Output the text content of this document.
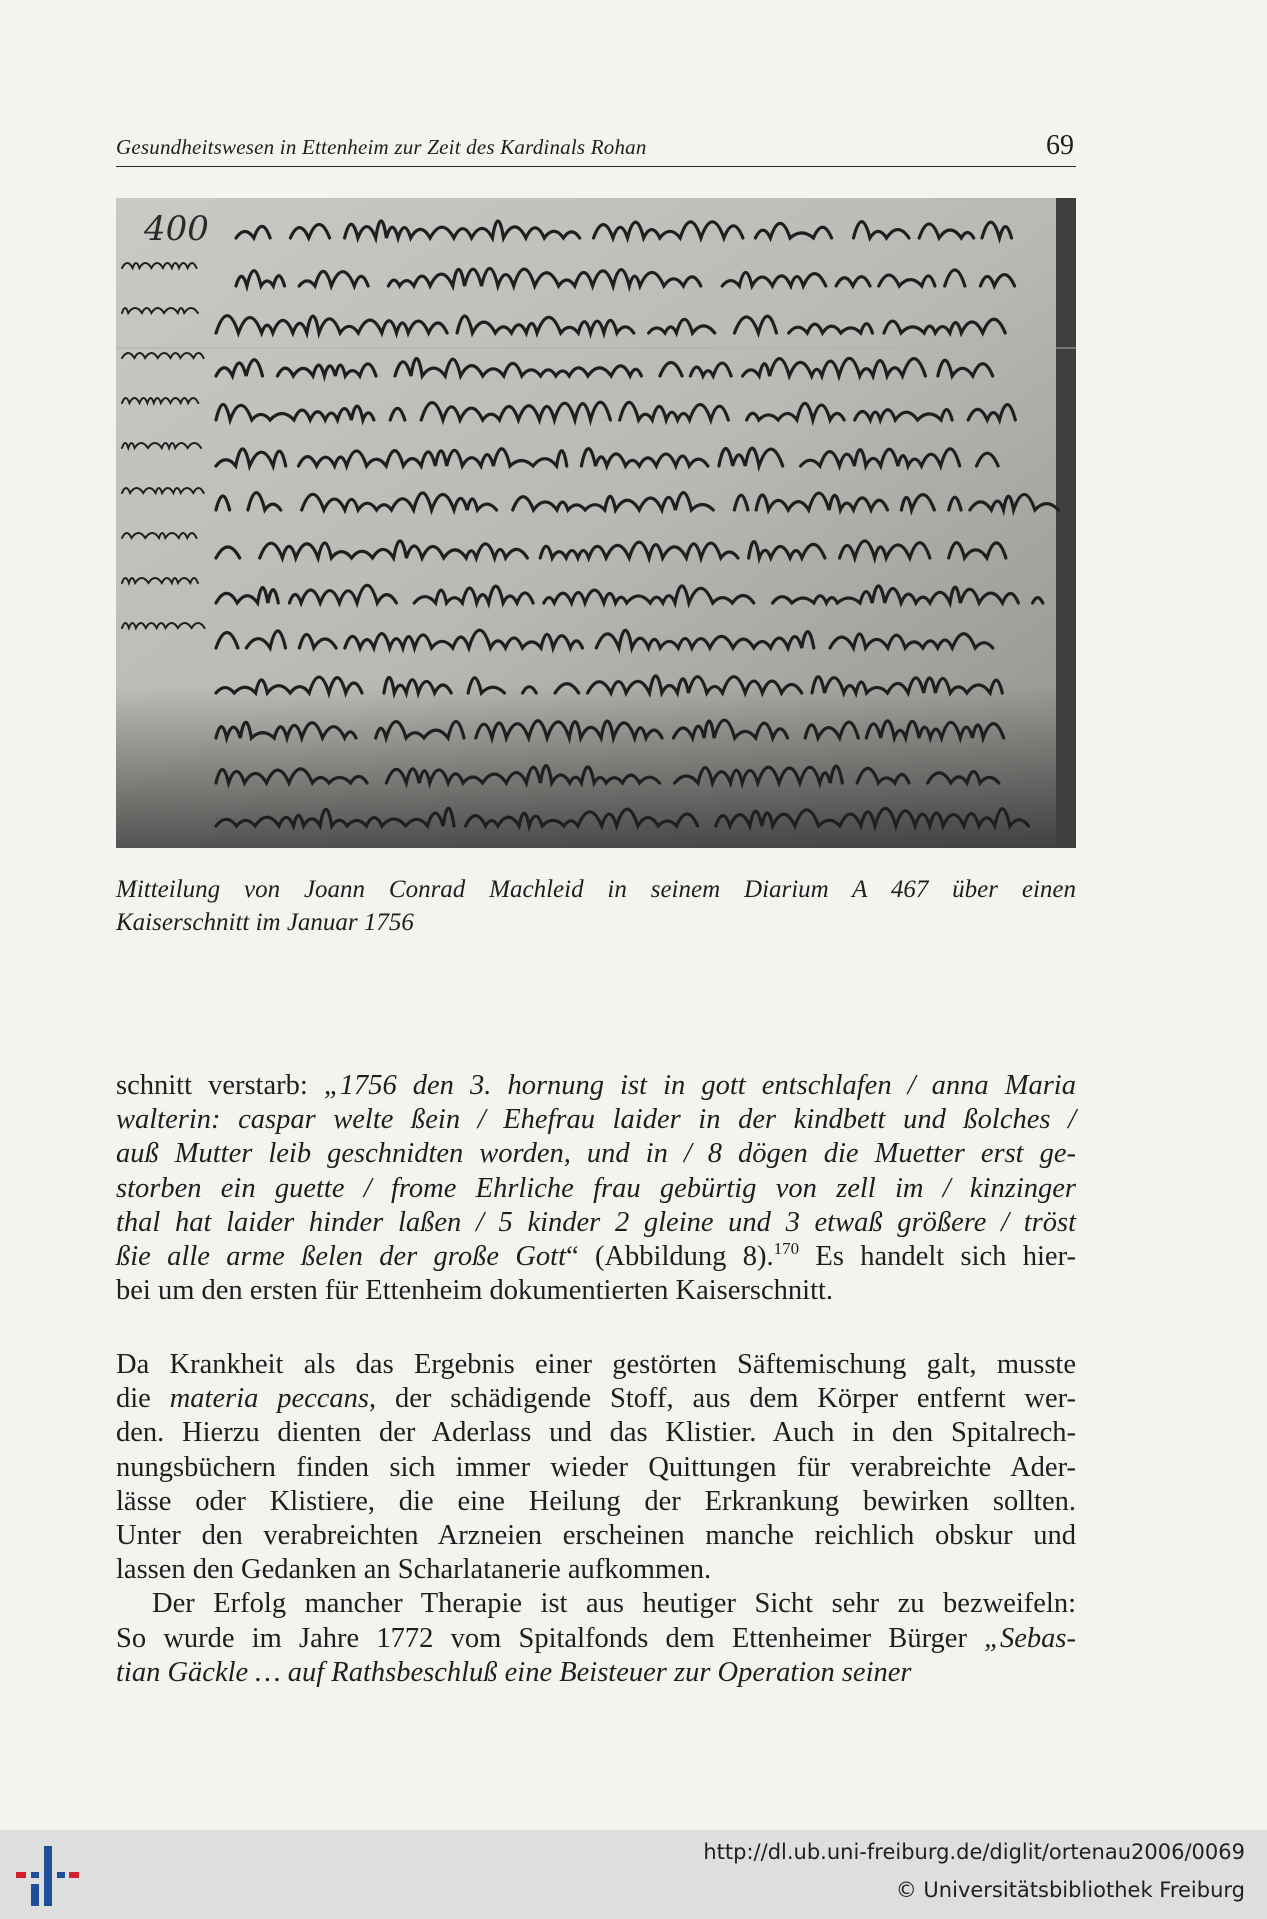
Gesundheitswesen in Ettenheim zur Zeit des Kardinals Rohan	69
400
Mitteilung von Joann Conrad Machleid in seinem Diarium A 467 über einen
Kaiserschnitt im Januar 1756
schnitt verstarb: „1756 den 3. hornung ist in gott entschlafen / anna Maria
walterin: caspar welte ßein / Ehefrau laider in der kindbett und ßolches /
auß Mutter leib geschnidten worden, und in / 8 dögen die Muetter erst ge-
storben ein guette / frome Ehrliche frau gebürtig von zell im / kinzinger
thal hat laider hinder laßen / 5 kinder 2 gleine und 3 etwaß größere / tröst
ßie alle arme ßelen der große Gott“ (Abbildung 8).$^{170}$ Es handelt sich hier-
bei um den ersten für Ettenheim dokumentierten Kaiserschnitt.
Da Krankheit als das Ergebnis einer gestörten Säftemischung galt, musste
die materia peccans, der schädigende Stoff, aus dem Körper entfernt wer-
den. Hierzu dienten der Aderlass und das Klistier. Auch in den Spitalrech-
nungsbüchern finden sich immer wieder Quittungen für verabreichte Ader-
lässe oder Klistiere, die eine Heilung der Erkrankung bewirken sollten.
Unter den verabreichten Arzneien erscheinen manche reichlich obskur und
lassen den Gedanken an Scharlatanerie aufkommen.
Der Erfolg mancher Therapie ist aus heutiger Sicht sehr zu bezweifeln:
So wurde im Jahre 1772 vom Spitalfonds dem Ettenheimer Bürger „Sebas-
tian Gäckle … auf Rathsbeschluß eine Beisteuer zur Operation seiner
http://dl.ub.uni-freiburg.de/diglit/ortenau2006/0069
© Universitätsbibliothek Freiburg
